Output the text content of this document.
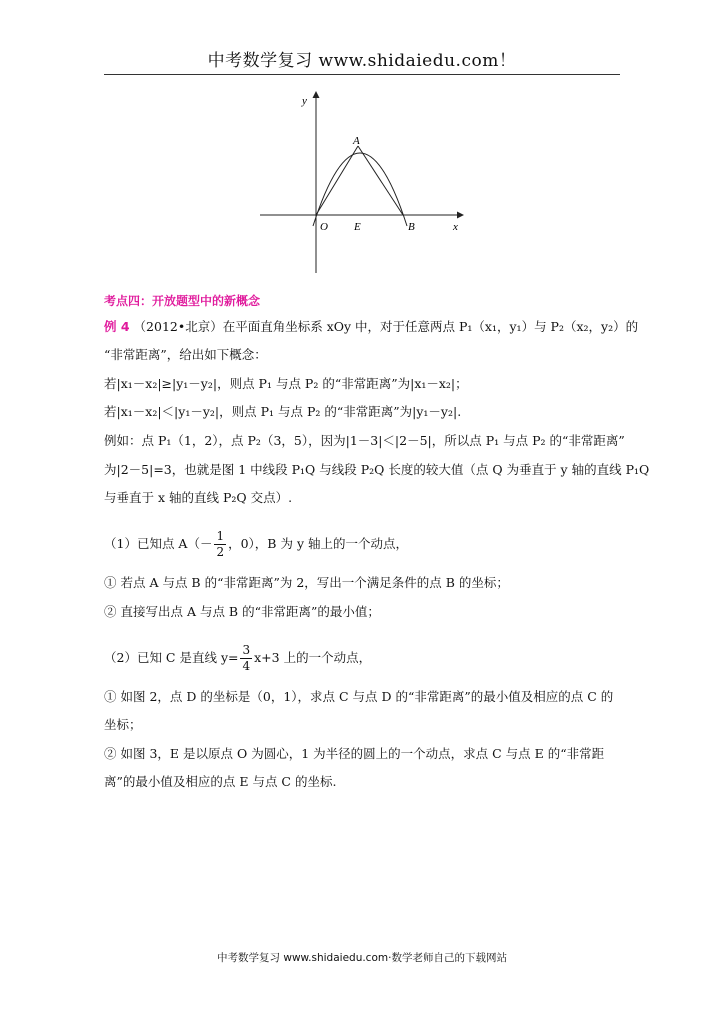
中考数学复习 www.shidaiedu.com！
y
x
O E	B
A
考点四：开放题型中的新概念
例 4 （2012•北京）在平面直角坐标系 xOy 中，对于任意两点 P₁（x₁，y₁）与 P₂（x₂，y₂）的
“非常距离”，给出如下概念：
若|x₁－x₂|≥|y₁－y₂|，则点 P₁ 与点 P₂ 的“非常距离”为|x₁－x₂|；
若|x₁－x₂|＜|y₁－y₂|，则点 P₁ 与点 P₂ 的“非常距离”为|y₁－y₂|.
例如：点 P₁（1，2），点 P₂（3，5），因为|1－3|＜|2－5|，所以点 P₁ 与点 P₂ 的“非常距离”
为|2－5|=3，也就是图 1 中线段 P₁Q 与线段 P₂Q 长度的较大值（点 Q 为垂直于 y 轴的直线 P₁Q
与垂直于 x 轴的直线 P₂Q 交点）.
（1）已知点 $A(- \frac{1}{2}$ ，0），B 为 y 轴上的一个动点，
① 若点 A 与点 B 的“非常距离”为 2，写出一个满足条件的点 B 的坐标；
② 直接写出点 A 与点 B 的“非常距离”的最小值；
（2）已知 C 是直线 $y= \frac{3}{4} x+3$ 上的一个动点，
① 如图 2，点 D 的坐标是（0，1），求点 C 与点 D 的“非常距离”的最小值及相应的点 C 的
坐标；
② 如图 3，E 是以原点 O 为圆心，1 为半径的圆上的一个动点，求点 C 与点 E 的“非常距
离”的最小值及相应的点 E 与点 C 的坐标.
中考数学复习 www.shidaiedu.com·数学老师自己的下载网站
